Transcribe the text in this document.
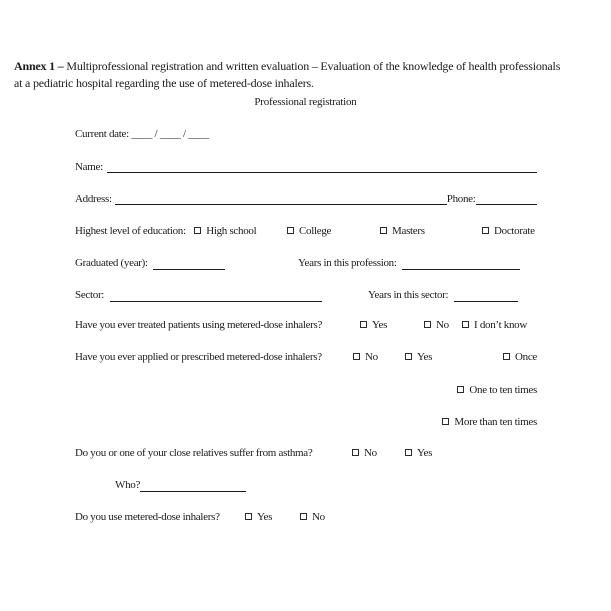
Annex 1 – Multiprofessional registration and written evaluation – Evaluation of the knowledge of health professionals
at a pediatric hospital regarding the use of metered-dose inhalers.
Professional registration
Current date: ____ / ____ / ____
Name:
Address:	Phone:
Highest level of education: High school	College	Masters	Doctorate
Graduated (year):	Years in this profession:
Sector:	Years in this sector:
Have you ever treated patients using metered-dose inhalers?	Yes	No	I don’t know
Have you ever applied or prescribed metered-dose inhalers?	No	Yes	Once
One to ten times
More than ten times
Do you or one of your close relatives suffer from asthma?	No	Yes
Who?
Do you use metered-dose inhalers?	Yes	No
